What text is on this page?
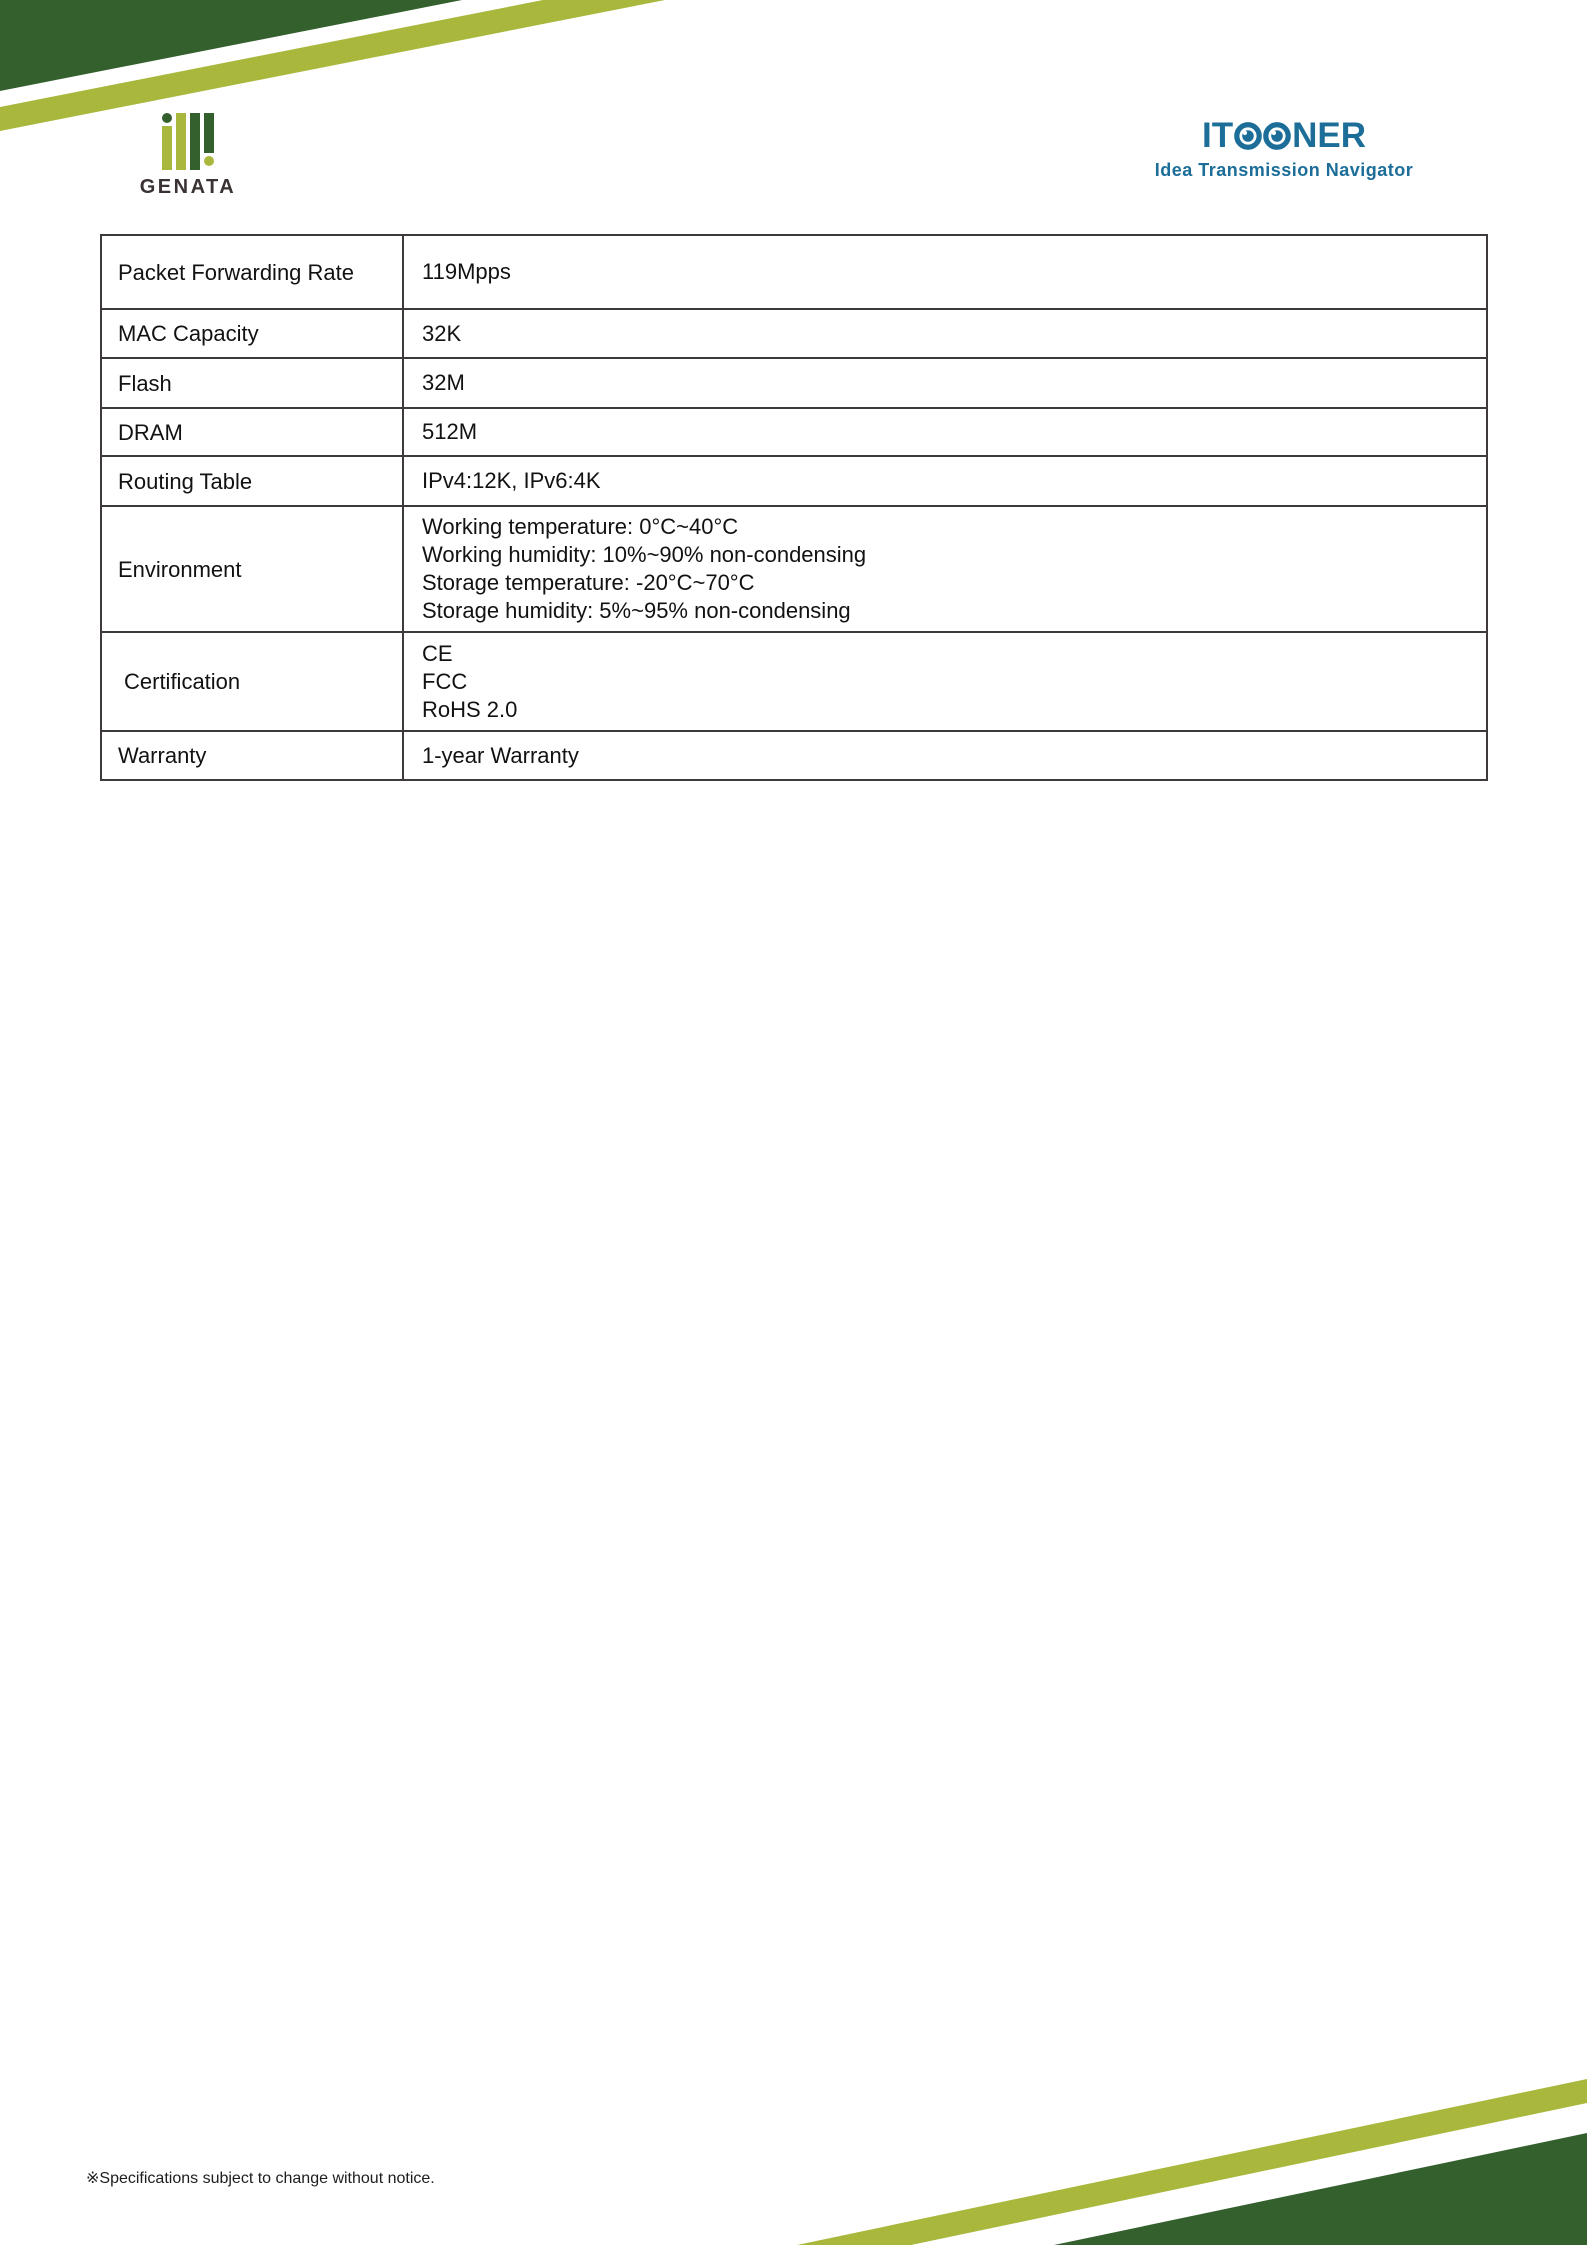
GENATA
IT NER
Idea Transmission Navigator
Packet Forwarding Rate	119Mpps

MAC Capacity	32K

Flash	32M

DRAM	512M

Routing Table	IPv4:12K, IPv6:4K

Environment	Working temperature: 0°C~40°C
Working humidity: 10%~90% non-condensing
Storage temperature: -20°C~70°C
Storage humidity: 5%~95% non-condensing

Certification	CE
FCC
RoHS 2.0

Warranty	1-year Warranty
※Specifications subject to change without notice.
